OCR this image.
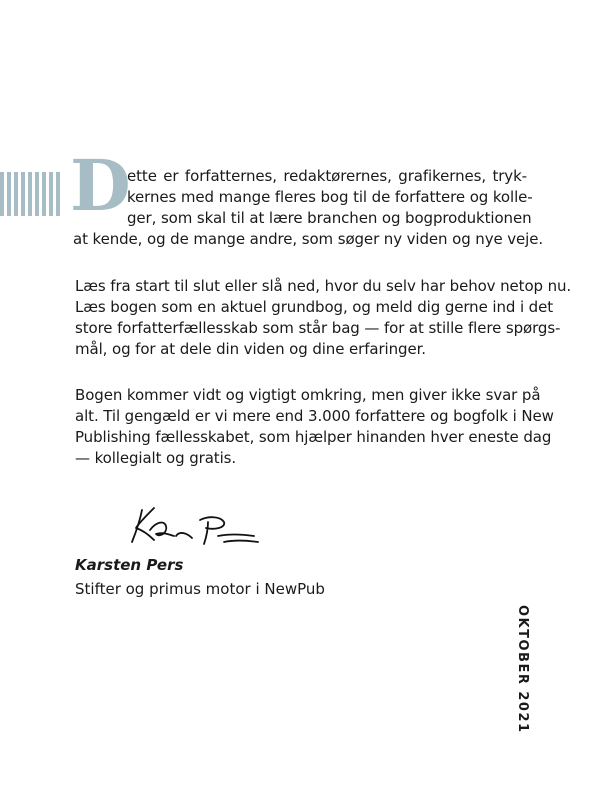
D
ette er forfatternes, redaktørernes, grafikernes, tryk-
kernes med mange fleres bog til de forfattere og kolle-
ger, som skal til at lære branchen og bogproduktionen
at kende, og de mange andre, som søger ny viden og nye veje.
Læs fra start til slut eller slå ned, hvor du selv har behov netop nu.
Læs bogen som en aktuel grundbog, og meld dig gerne ind i det
store forfatterfællesskab som står bag — for at stille flere spørgs-
mål, og for at dele din viden og dine erfaringer.
Bogen kommer vidt og vigtigt omkring, men giver ikke svar på
alt. Til gengæld er vi mere end 3.000 forfattere og bogfolk i New
Publishing fællesskabet, som hjælper hinanden hver eneste dag
— kollegialt og gratis.
Karsten Pers
Stifter og primus motor i NewPub
OKTOBER 2021
